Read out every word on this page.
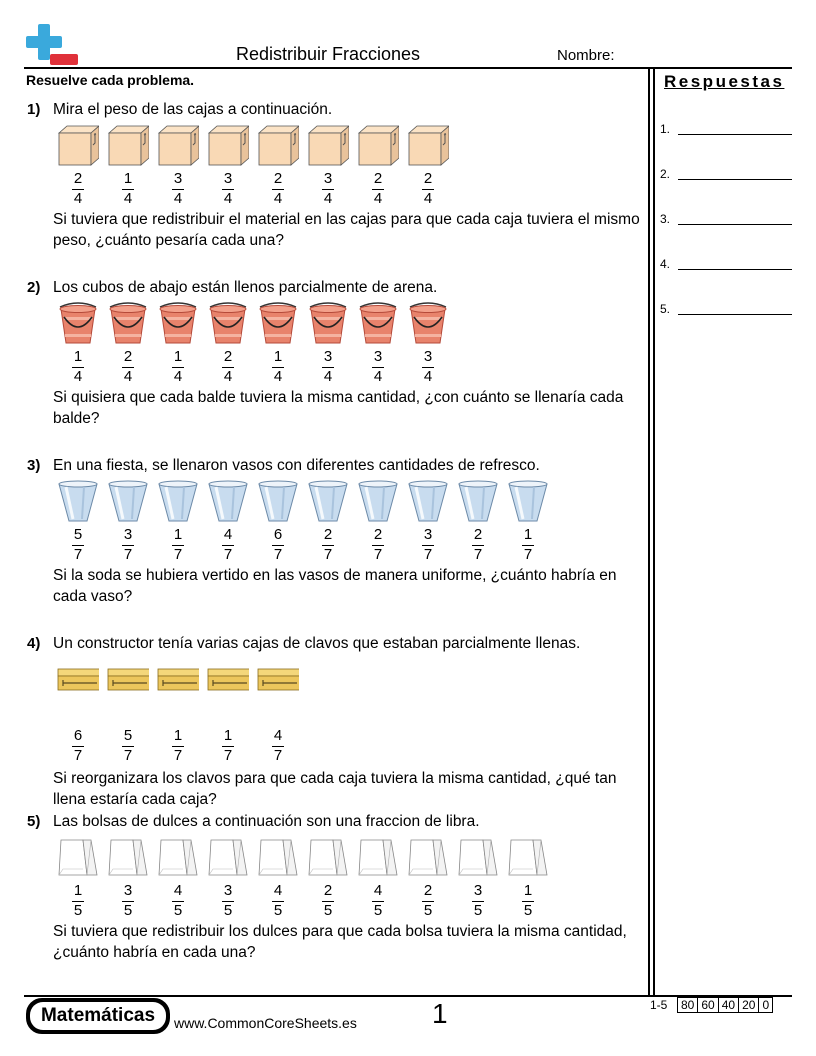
Redistribuir Fracciones	Nombre:
Resuelve cada problema.	Respuestas
1.
2.
3.
4.
5.
1) Mira el peso de las cajas a continuación.
2
4
1
4
3
4
3
4
2
4
3
4
2
4
2
4
Si tuviera que redistribuir el material en las cajas para que cada caja tuviera el mismo peso, ¿cuánto pesaría cada una?
2) Los cubos de abajo están llenos parcialmente de arena.
1
4
2
4
1
4
2
4
1
4
3
4
3
4
3
4
Si quisiera que cada balde tuviera la misma cantidad, ¿con cuánto se llenaría cada balde?
3) En una fiesta, se llenaron vasos con diferentes cantidades de refresco.
5
7
3
7
1
7
4
7
6
7
2
7
2
7
3
7
2
7
1
7
Si la soda se hubiera vertido en las vasos de manera uniforme, ¿cuánto habría en cada vaso?
4) Un constructor tenía varias cajas de clavos que estaban parcialmente llenas.
6
7
5
7
1
7
1
7
4
7
Si reorganizara los clavos para que cada caja tuviera la misma cantidad, ¿qué tan llena estaría cada caja?
5) Las bolsas de dulces a continuación son una fraccion de libra.
1
5
3
5
4
5
3
5
4
5
2
5
4
5
2
5
3
5
1
5
Si tuviera que redistribuir los dulces para que cada bolsa tuviera la misma cantidad, ¿cuánto habría en cada una?
Matemáticas	www.CommonCoreSheets.es	1	1-5 80	60	40	20	0
